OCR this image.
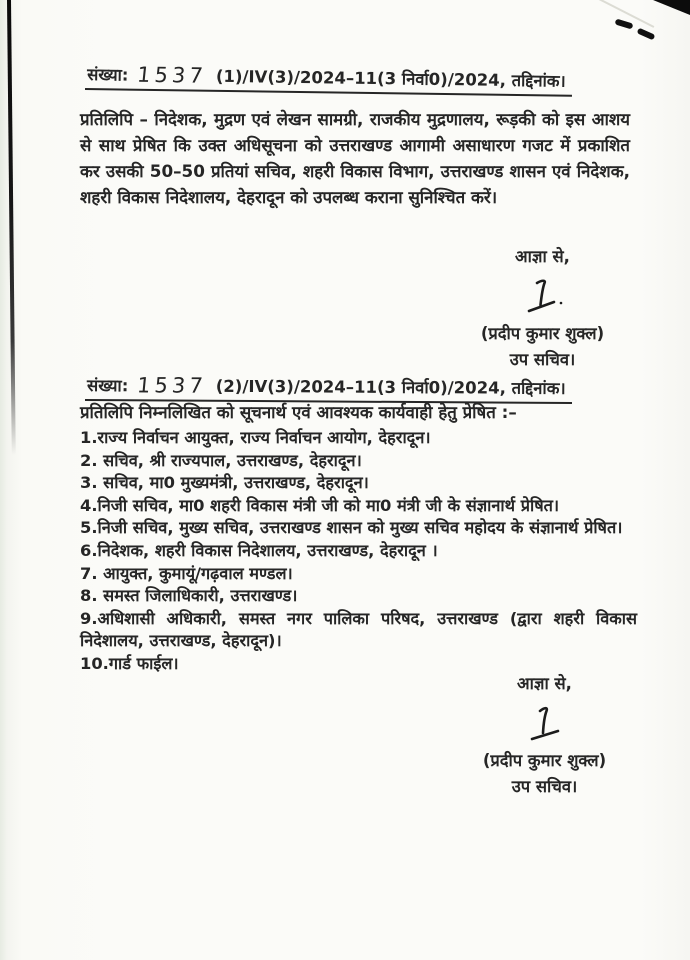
संख्या: 1537 (1)/IV(3)/2024–11(3 निर्वा0)/2024, तद्दिनांक।
प्रतिलिपि – निदेशक, मुद्रण एवं लेखन सामग्री, राजकीय मुद्रणालय, रूड़की को इस आशय से साथ प्रेषित कि उक्त अधिसूचना को उत्तराखण्ड आगामी असाधारण गजट में प्रकाशित कर उसकी 50–50 प्रतियां सचिव, शहरी विकास विभाग, उत्तराखण्ड शासन एवं निदेशक, शहरी विकास निदेशालय, देहरादून को उपलब्ध कराना सुनिश्चित करें।
आज्ञा से,
(प्रदीप कुमार शुक्ल)
उप सचिव।
संख्या: 1537 (2)/IV(3)/2024–11(3 निर्वा0)/2024, तद्दिनांक।
प्रतिलिपि निम्नलिखित को सूचनार्थ एवं आवश्यक कार्यवाही हेतु प्रेषित :–
1.राज्य निर्वाचन आयुक्त, राज्य निर्वाचन आयोग, देहरादून।
2. सचिव, श्री राज्यपाल, उत्तराखण्ड, देहरादून।
3. सचिव, मा0 मुख्यमंत्री, उत्तराखण्ड, देहरादून।
4.निजी सचिव, मा0 शहरी विकास मंत्री जी को मा0 मंत्री जी के संज्ञानार्थ प्रेषित।
5.निजी सचिव, मुख्य सचिव, उत्तराखण्ड शासन को मुख्य सचिव महोदय के संज्ञानार्थ प्रेषित।
6.निदेशक, शहरी विकास निदेशालय, उत्तराखण्ड, देहरादून ।
7. आयुक्त, कुमायूं/गढ़वाल मण्डल।
8. समस्त जिलाधिकारी, उत्तराखण्ड।
9.अधिशासी अधिकारी, समस्त नगर पालिका परिषद, उत्तराखण्ड (द्वारा शहरी विकास निदेशालय, उत्तराखण्ड, देहरादून)।
10.गार्ड फाईल।
आज्ञा से,
(प्रदीप कुमार शुक्ल)
उप सचिव।
